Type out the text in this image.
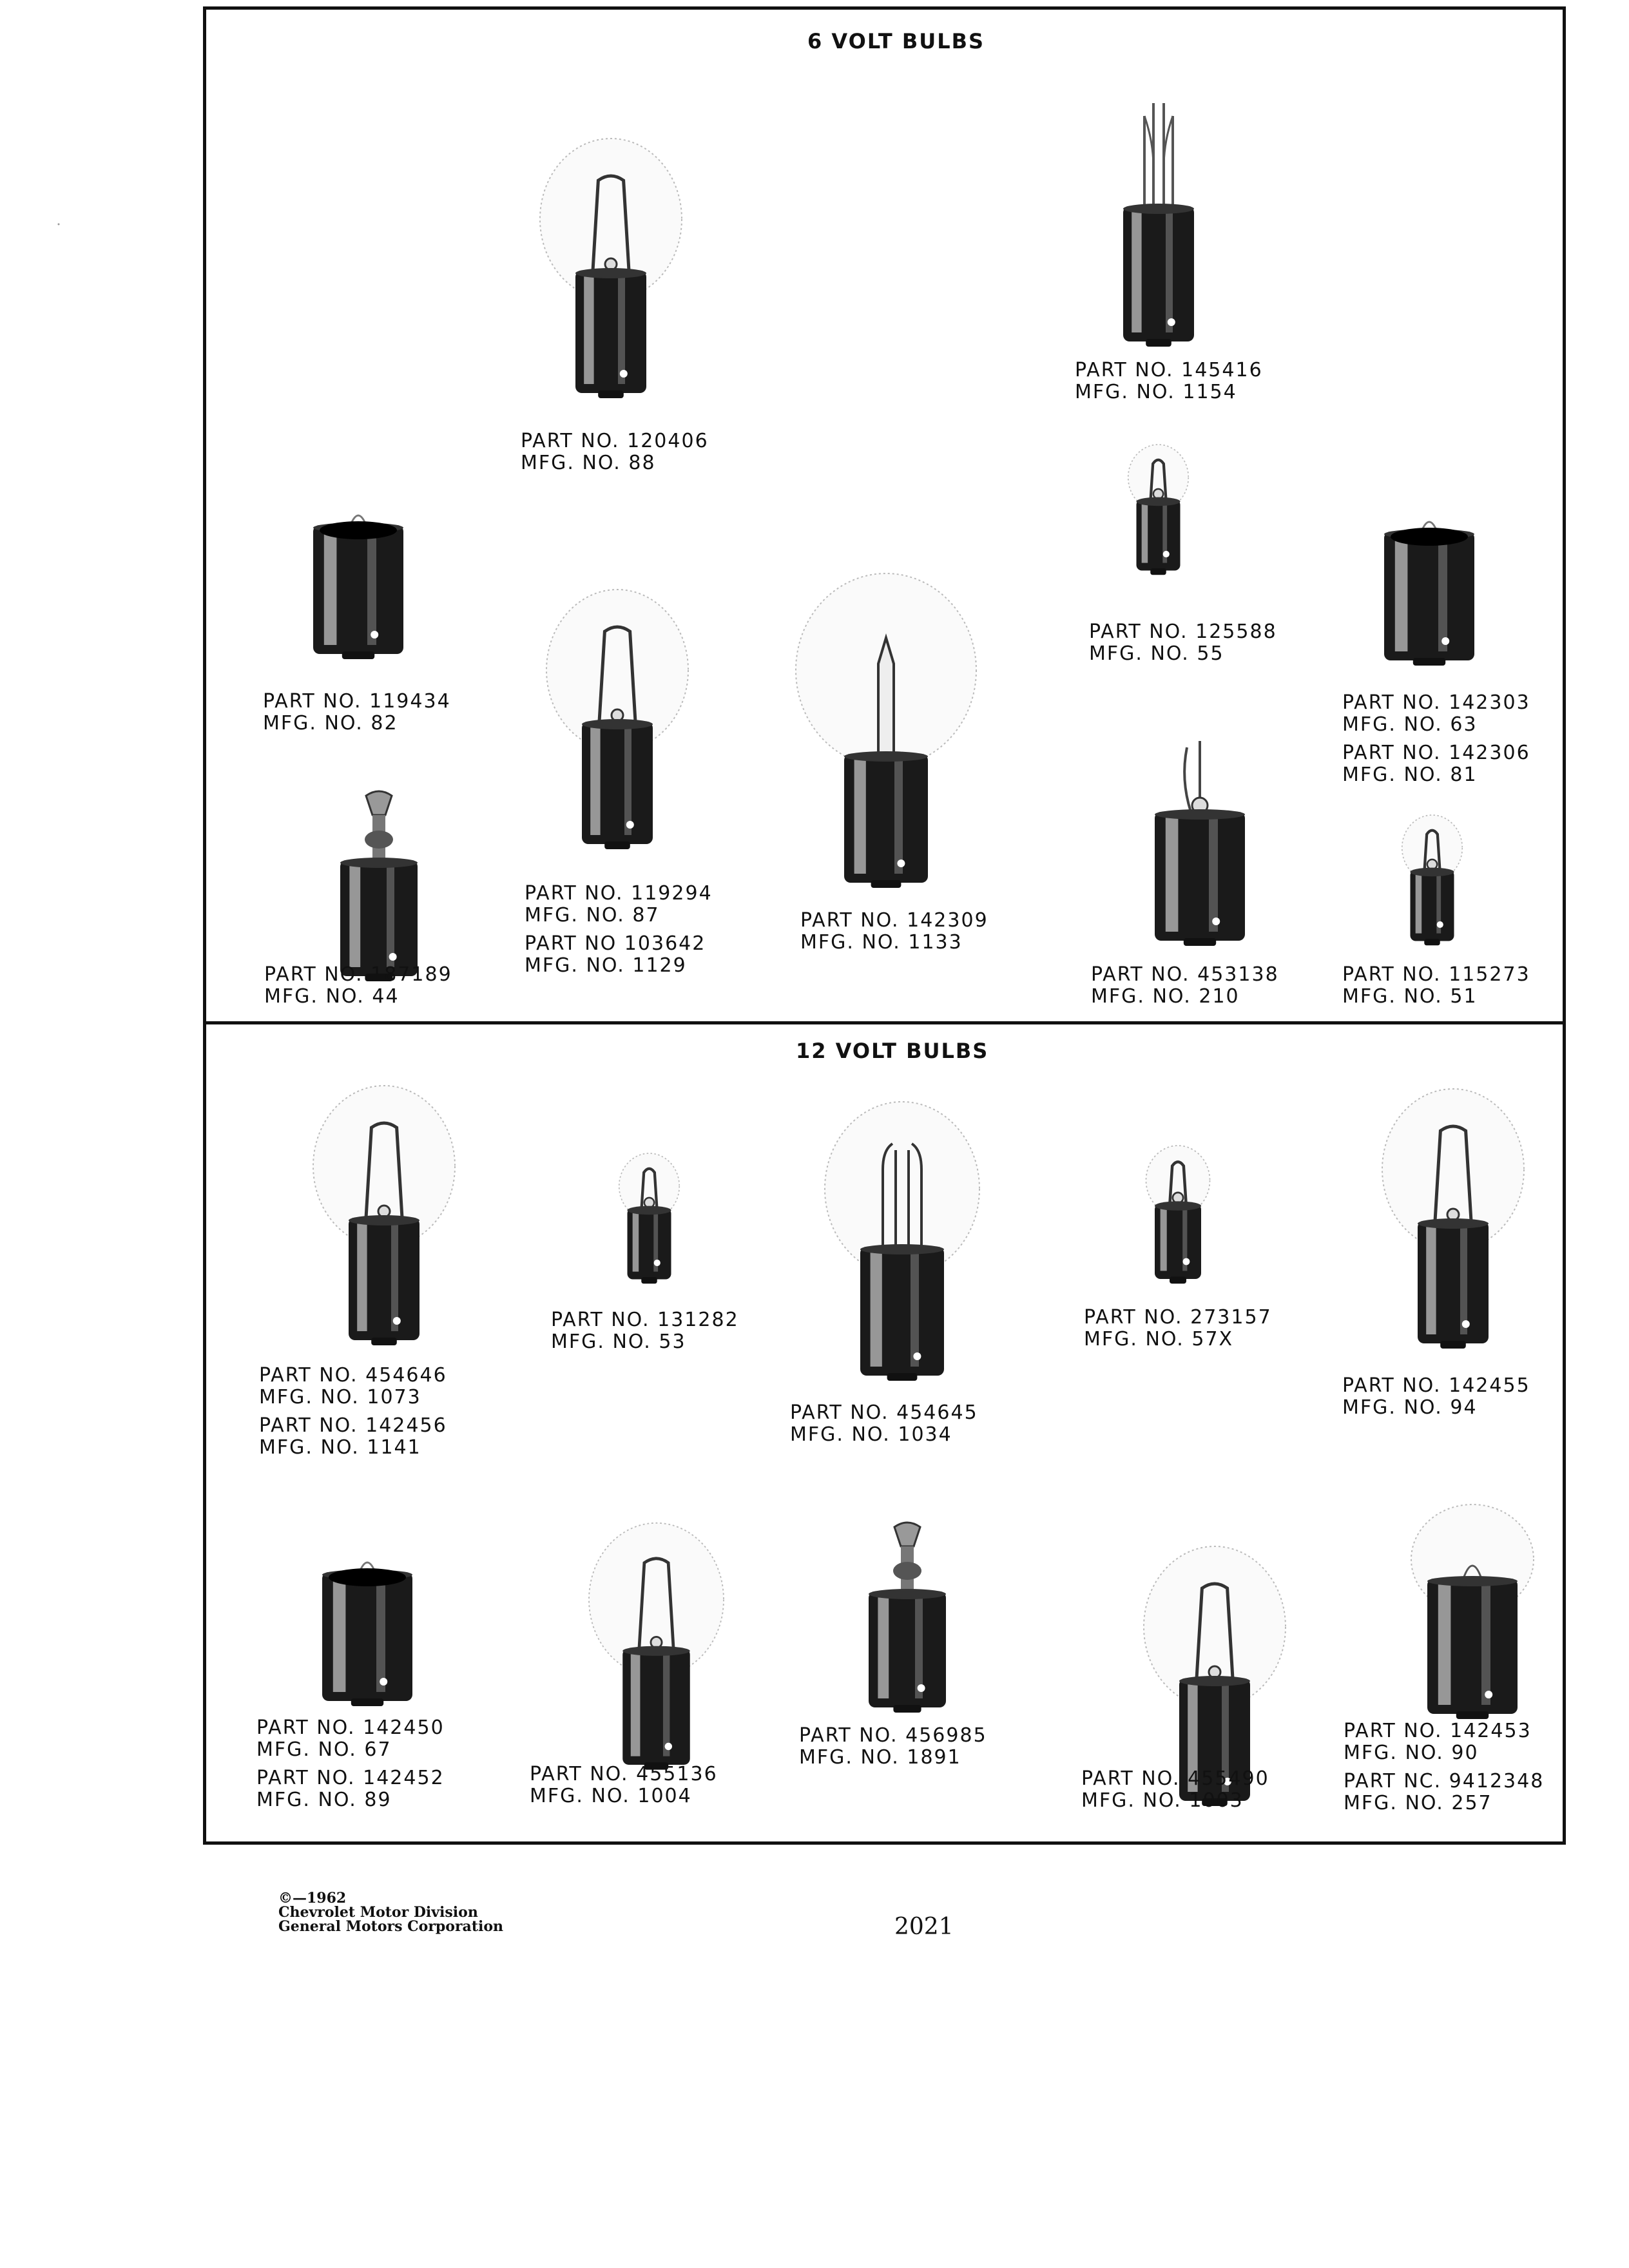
6 VOLT BULBS
12 VOLT BULBS
PART NO. 120406
MFG. NO. 88
PART NO. 145416
MFG. NO. 1154
PART NO. 125588
MFG. NO. 55
PART NO. 119434
MFG. NO. 82
PART NO. 142303
MFG. NO. 63
PART NO. 142306
MFG. NO. 81
PART NO. 119294
MFG. NO. 87
PART NO 103642
MFG. NO. 1129
PART NO. 142309
MFG. NO. 1133
PART NO. 187189
MFG. NO. 44
PART NO. 453138
MFG. NO. 210
PART NO. 115273
MFG. NO. 51
PART NO. 454646
MFG. NO. 1073
PART NO. 142456
MFG. NO. 1141
PART NO. 131282
MFG. NO. 53
PART NO. 454645
MFG. NO. 1034
PART NO. 273157
MFG. NO. 57X
PART NO. 142455
MFG. NO. 94
PART NO. 142450
MFG. NO. 67
PART NO. 142452
MFG. NO. 89
PART NO. 455136
MFG. NO. 1004
PART NO. 456985
MFG. NO. 1891
PART NO. 455490
MFG. NO. 1003
PART NO. 142453
MFG. NO. 90
PART NC. 9412348
MFG. NO. 257
©—1962
Chevrolet Motor Division
General Motors Corporation	2021
